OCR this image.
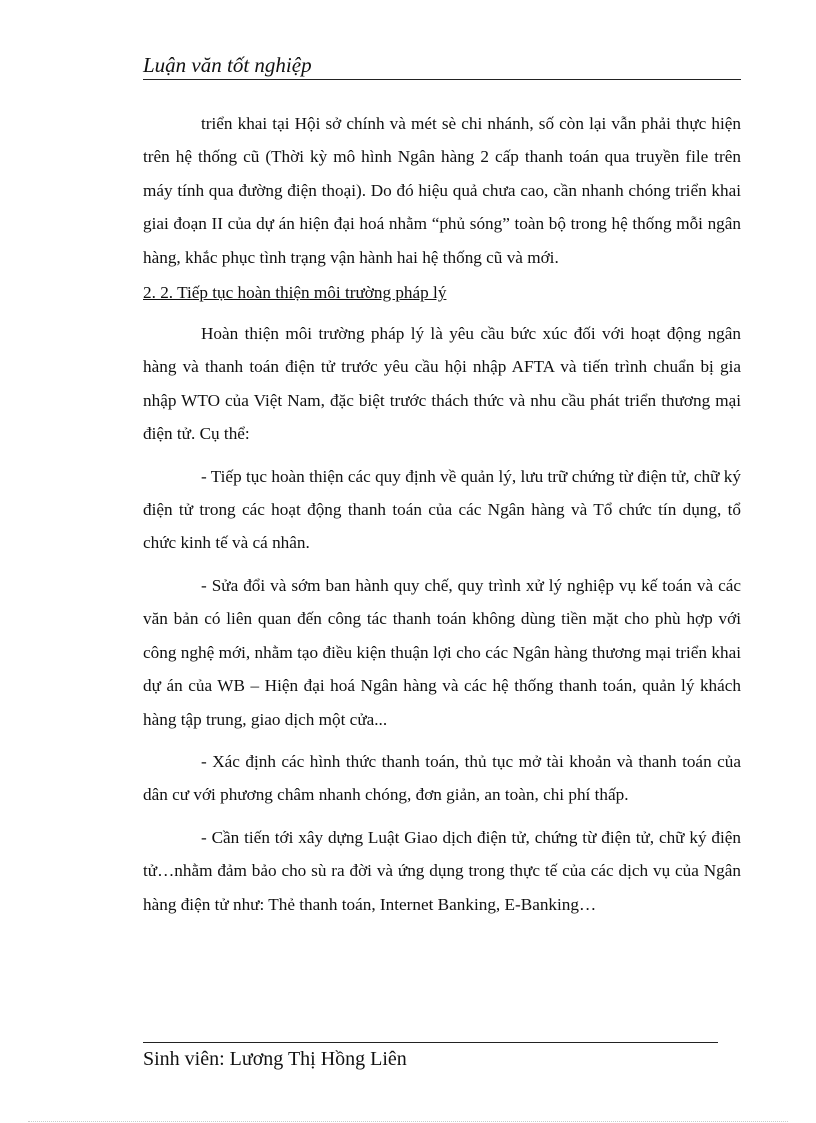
Luận văn tốt nghiệp

triển khai tại Hội sở chính và mét sè chi nhánh, số còn lại vẫn phải thực hiện trên hệ thống cũ (Thời kỳ mô hình Ngân hàng 2 cấp thanh toán qua truyền file trên máy tính qua đường điện thoại). Do đó hiệu quả chưa cao, cần nhanh chóng triển khai giai đoạn II của dự án hiện đại hoá nhằm “phủ sóng” toàn bộ trong hệ thống mỗi ngân hàng, khắc phục tình trạng vận hành hai hệ thống cũ và mới.

2. 2. Tiếp tục hoàn thiện môi trường pháp lý

Hoàn thiện môi trường pháp lý là yêu cầu bức xúc đối với hoạt động ngân hàng và thanh toán điện tử trước yêu cầu hội nhập AFTA và tiến trình chuẩn bị gia nhập WTO của Việt Nam, đặc biệt trước thách thức và nhu cầu phát triển thương mại điện tử. Cụ thể:

- Tiếp tục hoàn thiện các quy định về quản lý, lưu trữ chứng từ điện tử, chữ ký điện tử trong các hoạt động thanh toán của các Ngân hàng và Tổ chức tín dụng, tổ chức kinh tế và cá nhân.

- Sửa đổi và sớm ban hành quy chế, quy trình xử lý nghiệp vụ kế toán và các văn bản có liên quan đến công tác thanh toán không dùng tiền mặt cho phù hợp với công nghệ mới, nhằm tạo điều kiện thuận lợi cho các Ngân hàng thương mại triển khai dự án của WB – Hiện đại hoá Ngân hàng và các hệ thống thanh toán, quản lý khách hàng tập trung, giao dịch một cửa...

- Xác định các hình thức thanh toán, thủ tục mở tài khoản và thanh toán của dân cư với phương châm nhanh chóng, đơn giản, an toàn, chi phí thấp.

- Cần tiến tới xây dựng Luật Giao dịch điện tử, chứng từ điện tử, chữ ký điện tử…nhằm đảm bảo cho sù ra đời và ứng dụng trong thực tế của các dịch vụ của Ngân hàng điện tử như: Thẻ thanh toán, Internet Banking, E-Banking…

Sinh viên: Lương Thị Hồng Liên
